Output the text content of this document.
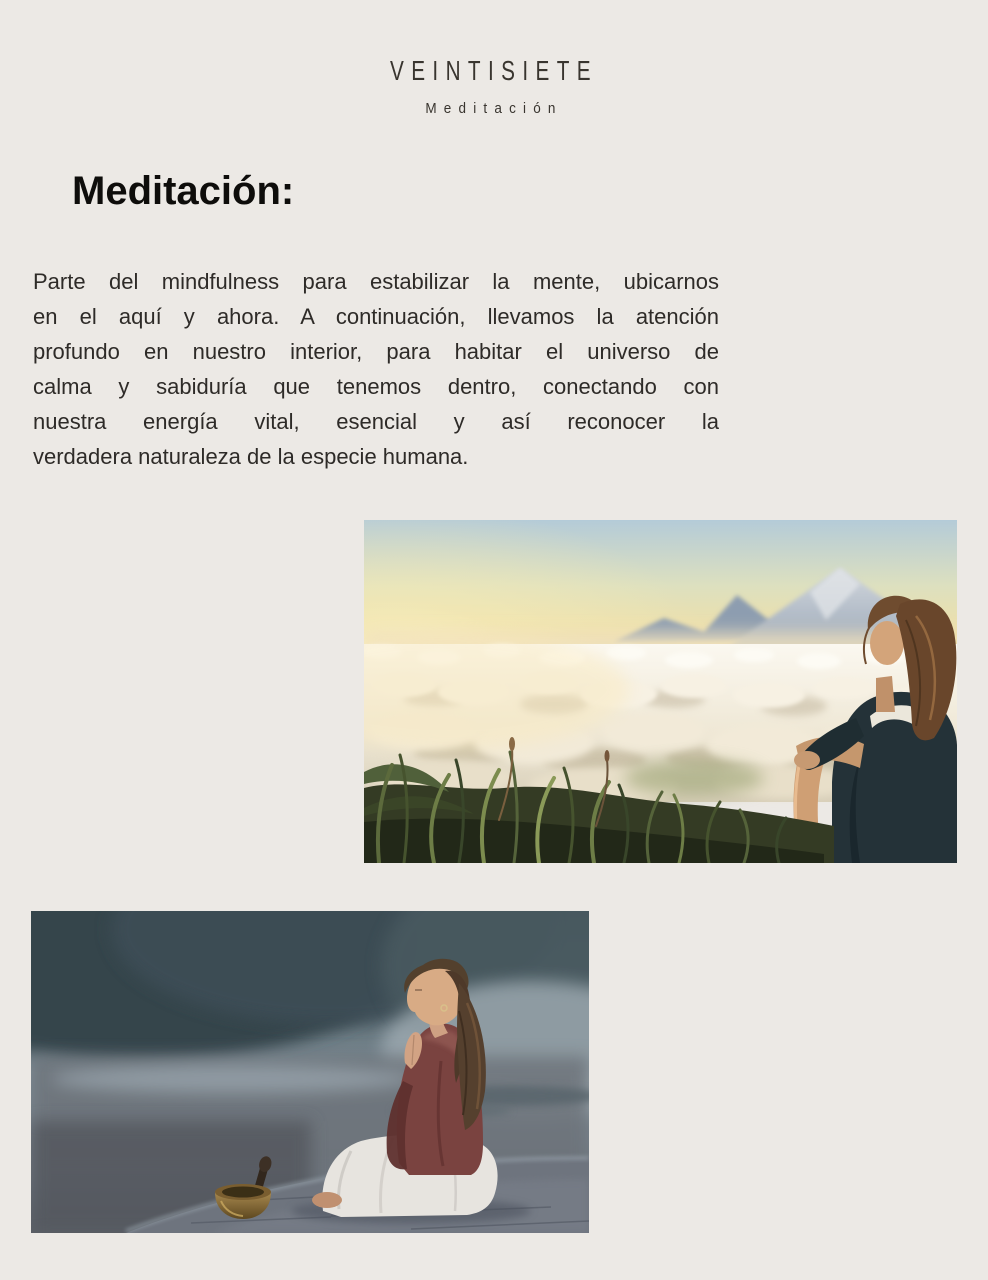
VEINTISIETE
Meditación
Meditación:
Parte del mindfulness para estabilizar la mente, ubicarnos
en el aquí y ahora. A continuación, llevamos la atención
profundo en nuestro interior, para habitar el universo de
calma y sabiduría que tenemos dentro, conectando con
nuestra energía vital, esencial y así reconocer la
verdadera naturaleza de la especie humana.
